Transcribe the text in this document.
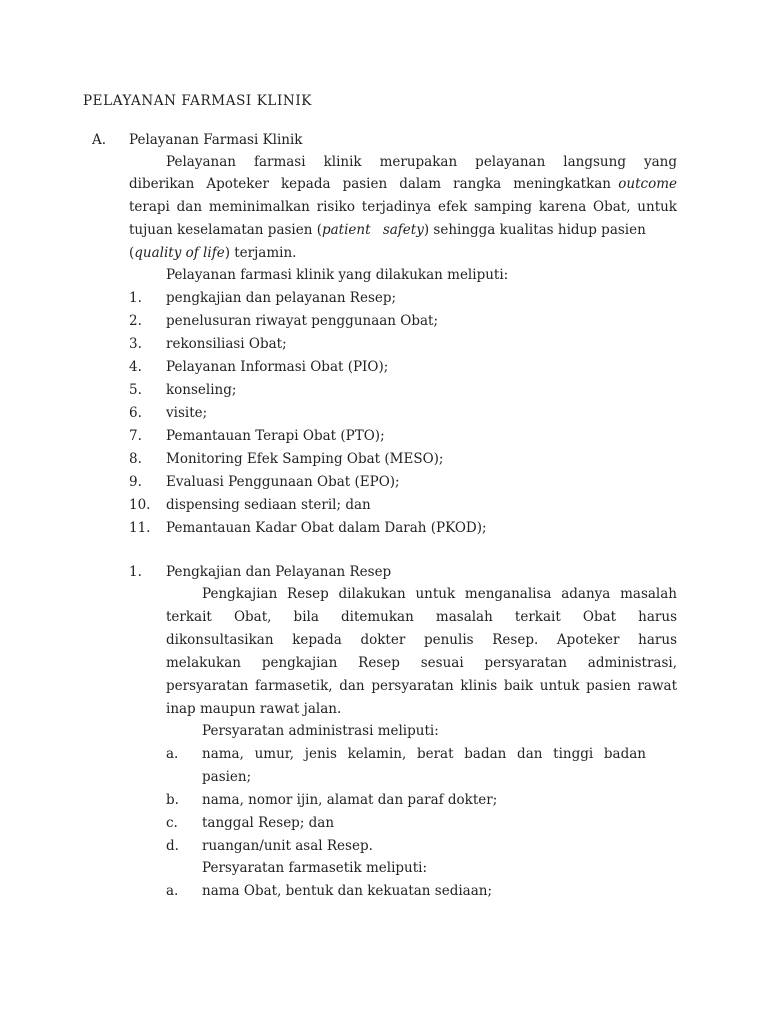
PELAYANAN FARMASI KLINIK
A. Pelayanan Farmasi Klinik
Pelayanan farmasi klinik merupakan pelayanan langsung yang
diberikan Apoteker kepada pasien dalam rangka meningkatkan outcome
terapi dan meminimalkan risiko terjadinya efek samping karena Obat, untuk
tujuan keselamatan pasien (patient safety) sehingga kualitas hidup pasien
(quality of life) terjamin.
Pelayanan farmasi klinik yang dilakukan meliputi:
1. pengkajian dan pelayanan Resep;
2. penelusuran riwayat penggunaan Obat;
3. rekonsiliasi Obat;
4. Pelayanan Informasi Obat (PIO);
5. konseling;
6. visite;
7. Pemantauan Terapi Obat (PTO);
8. Monitoring Efek Samping Obat (MESO);
9. Evaluasi Penggunaan Obat (EPO);
10. dispensing sediaan steril; dan
11. Pemantauan Kadar Obat dalam Darah (PKOD);
1. Pengkajian dan Pelayanan Resep
Pengkajian Resep dilakukan untuk menganalisa adanya masalah
terkait Obat, bila ditemukan masalah terkait Obat harus
dikonsultasikan kepada dokter penulis Resep. Apoteker harus
melakukan pengkajian Resep sesuai persyaratan administrasi,
persyaratan farmasetik, dan persyaratan klinis baik untuk pasien rawat
inap maupun rawat jalan.
Persyaratan administrasi meliputi:
a. nama, umur, jenis kelamin, berat badan dan tinggi badan
pasien;
b. nama, nomor ijin, alamat dan paraf dokter;
c. tanggal Resep; dan
d. ruangan/unit asal Resep.
Persyaratan farmasetik meliputi:
a. nama Obat, bentuk dan kekuatan sediaan;
